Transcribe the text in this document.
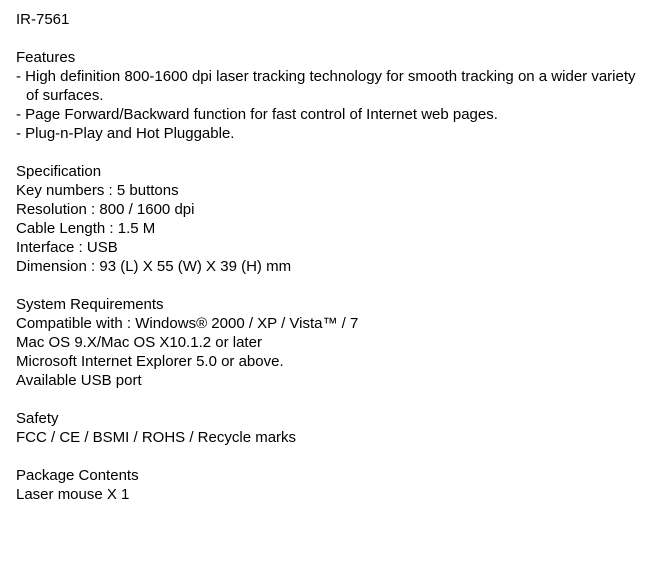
IR-7561
Features
- High definition 800-1600 dpi laser tracking technology for smooth tracking on a wider variety of surfaces.
- Page Forward/Backward function for fast control of Internet web pages.
- Plug-n-Play and Hot Pluggable.
Specification
Key numbers : 5 buttons
Resolution : 800 / 1600 dpi
Cable Length : 1.5 M
Interface : USB
Dimension : 93 (L) X 55 (W) X 39 (H) mm
System Requirements
Compatible with : Windows® 2000 / XP / Vista™ / 7
Mac OS 9.X/Mac OS X10.1.2 or later
Microsoft Internet Explorer 5.0 or above.
Available USB port
Safety
FCC / CE / BSMI / ROHS / Recycle marks
Package Contents
Laser mouse X 1
